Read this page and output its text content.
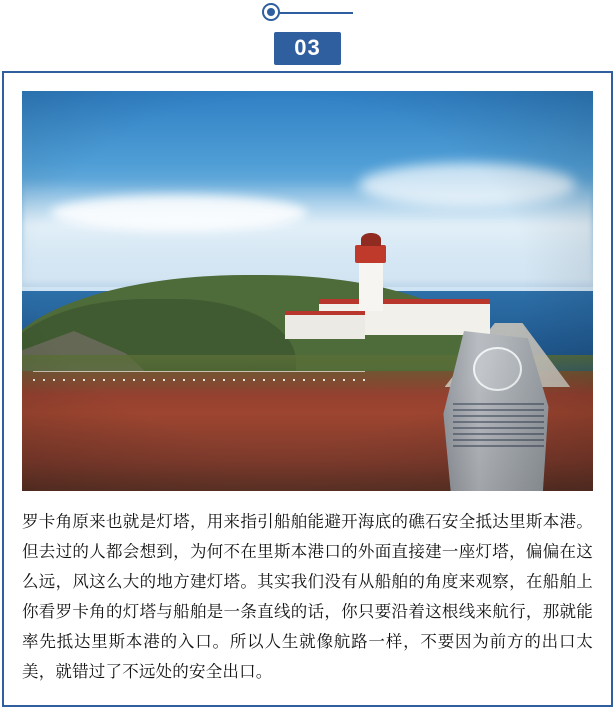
03

罗卡角原来也就是灯塔，用来指引船舶能避开海底的礁石安全抵达里斯本港。但去过的人都会想到，为何不在里斯本港口的外面直接建一座灯塔，偏偏在这么远，风这么大的地方建灯塔。其实我们没有从船舶的角度来观察，在船舶上你看罗卡角的灯塔与船舶是一条直线的话，你只要沿着这根线来航行，那就能率先抵达里斯本港的入口。所以人生就像航路一样，不要因为前方的出口太美，就错过了不远处的安全出口。
